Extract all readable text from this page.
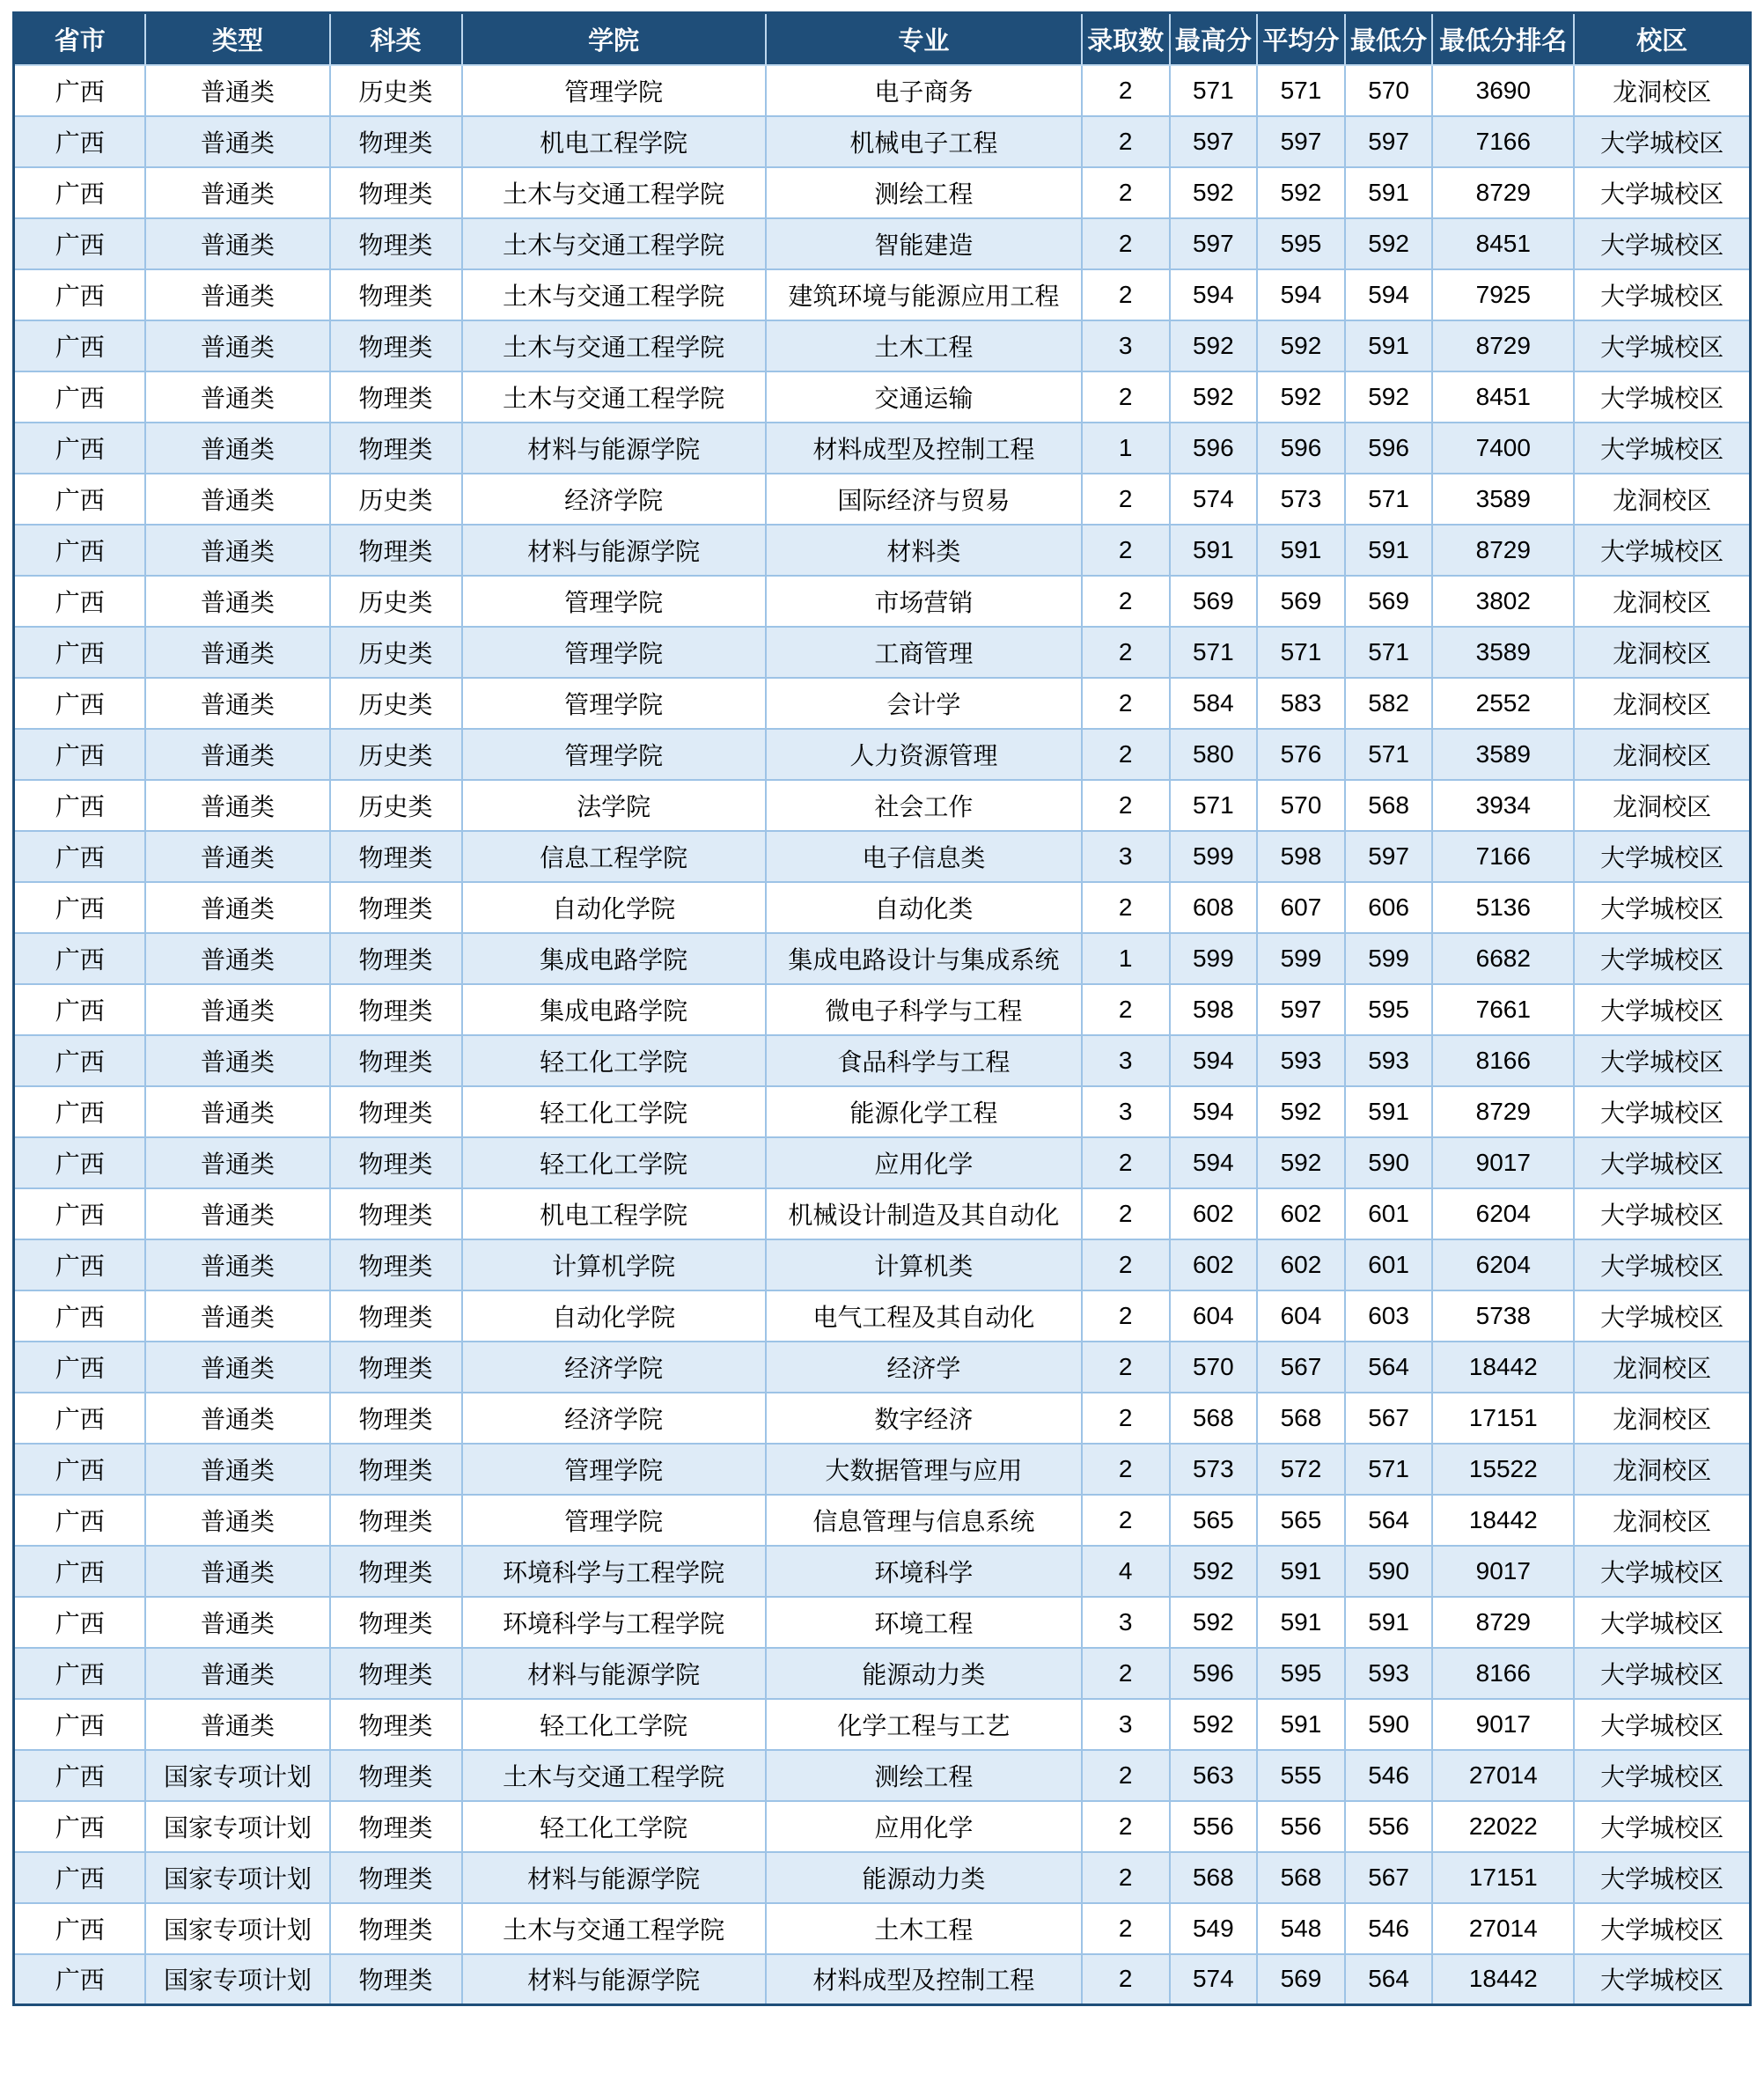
省市	类型	科类	学院	专业	录取数	最高分	平均分	最低分	最低分排名	校区
广西	普通类	历史类	管理学院	电子商务	2	571	571	570	3690	龙洞校区
广西	普通类	物理类	机电工程学院	机械电子工程	2	597	597	597	7166	大学城校区
广西	普通类	物理类	土木与交通工程学院	测绘工程	2	592	592	591	8729	大学城校区
广西	普通类	物理类	土木与交通工程学院	智能建造	2	597	595	592	8451	大学城校区
广西	普通类	物理类	土木与交通工程学院	建筑环境与能源应用工程	2	594	594	594	7925	大学城校区
广西	普通类	物理类	土木与交通工程学院	土木工程	3	592	592	591	8729	大学城校区
广西	普通类	物理类	土木与交通工程学院	交通运输	2	592	592	592	8451	大学城校区
广西	普通类	物理类	材料与能源学院	材料成型及控制工程	1	596	596	596	7400	大学城校区
广西	普通类	历史类	经济学院	国际经济与贸易	2	574	573	571	3589	龙洞校区
广西	普通类	物理类	材料与能源学院	材料类	2	591	591	591	8729	大学城校区
广西	普通类	历史类	管理学院	市场营销	2	569	569	569	3802	龙洞校区
广西	普通类	历史类	管理学院	工商管理	2	571	571	571	3589	龙洞校区
广西	普通类	历史类	管理学院	会计学	2	584	583	582	2552	龙洞校区
广西	普通类	历史类	管理学院	人力资源管理	2	580	576	571	3589	龙洞校区
广西	普通类	历史类	法学院	社会工作	2	571	570	568	3934	龙洞校区
广西	普通类	物理类	信息工程学院	电子信息类	3	599	598	597	7166	大学城校区
广西	普通类	物理类	自动化学院	自动化类	2	608	607	606	5136	大学城校区
广西	普通类	物理类	集成电路学院	集成电路设计与集成系统	1	599	599	599	6682	大学城校区
广西	普通类	物理类	集成电路学院	微电子科学与工程	2	598	597	595	7661	大学城校区
广西	普通类	物理类	轻工化工学院	食品科学与工程	3	594	593	593	8166	大学城校区
广西	普通类	物理类	轻工化工学院	能源化学工程	3	594	592	591	8729	大学城校区
广西	普通类	物理类	轻工化工学院	应用化学	2	594	592	590	9017	大学城校区
广西	普通类	物理类	机电工程学院	机械设计制造及其自动化	2	602	602	601	6204	大学城校区
广西	普通类	物理类	计算机学院	计算机类	2	602	602	601	6204	大学城校区
广西	普通类	物理类	自动化学院	电气工程及其自动化	2	604	604	603	5738	大学城校区
广西	普通类	物理类	经济学院	经济学	2	570	567	564	18442	龙洞校区
广西	普通类	物理类	经济学院	数字经济	2	568	568	567	17151	龙洞校区
广西	普通类	物理类	管理学院	大数据管理与应用	2	573	572	571	15522	龙洞校区
广西	普通类	物理类	管理学院	信息管理与信息系统	2	565	565	564	18442	龙洞校区
广西	普通类	物理类	环境科学与工程学院	环境科学	4	592	591	590	9017	大学城校区
广西	普通类	物理类	环境科学与工程学院	环境工程	3	592	591	591	8729	大学城校区
广西	普通类	物理类	材料与能源学院	能源动力类	2	596	595	593	8166	大学城校区
广西	普通类	物理类	轻工化工学院	化学工程与工艺	3	592	591	590	9017	大学城校区
广西	国家专项计划	物理类	土木与交通工程学院	测绘工程	2	563	555	546	27014	大学城校区
广西	国家专项计划	物理类	轻工化工学院	应用化学	2	556	556	556	22022	大学城校区
广西	国家专项计划	物理类	材料与能源学院	能源动力类	2	568	568	567	17151	大学城校区
广西	国家专项计划	物理类	土木与交通工程学院	土木工程	2	549	548	546	27014	大学城校区
广西	国家专项计划	物理类	材料与能源学院	材料成型及控制工程	2	574	569	564	18442	大学城校区
